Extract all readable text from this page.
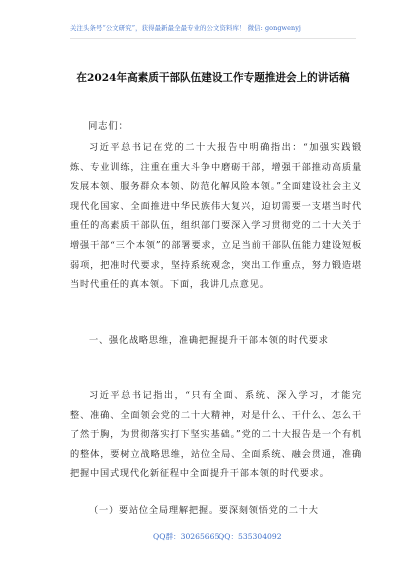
关注头条号“公文研究”，获得最新最全最专业的公文资料库！ 微信: gongwenyj
在2024年高素质干部队伍建设工作专题推进会上的讲话稿
同志们：
习近平总书记在党的二十大报告中明确指出：“加强实践锻炼、专业训练，注重在重大斗争中磨砺干部，增强干部推动高质量发展本领、服务群众本领、防范化解风险本领。”全面建设社会主义现代化国家、全面推进中华民族伟大复兴，迫切需要一支堪当时代重任的高素质干部队伍，组织部门要深入学习贯彻党的二十大关于增强干部“三个本领”的部署要求，立足当前干部队伍能力建设短板弱项，把准时代要求，坚持系统观念，突出工作重点，努力锻造堪当时代重任的真本领。下面，我讲几点意见。
一、强化战略思维，准确把握提升干部本领的时代要求
习近平总书记指出，“只有全面、系统、深入学习，才能完整、准确、全面领会党的二十大精神，对是什么、干什么、怎么干了然于胸，为贯彻落实打下坚实基础。”党的二十大报告是一个有机的整体，要树立战略思维，站位全局、全面系统、融会贯通，准确把握中国式现代化新征程中全面提升干部本领的时代要求。
（一）要站位全局理解把握。要深刻领悟党的二十大
QQ群：30265665
QQ：535304092
